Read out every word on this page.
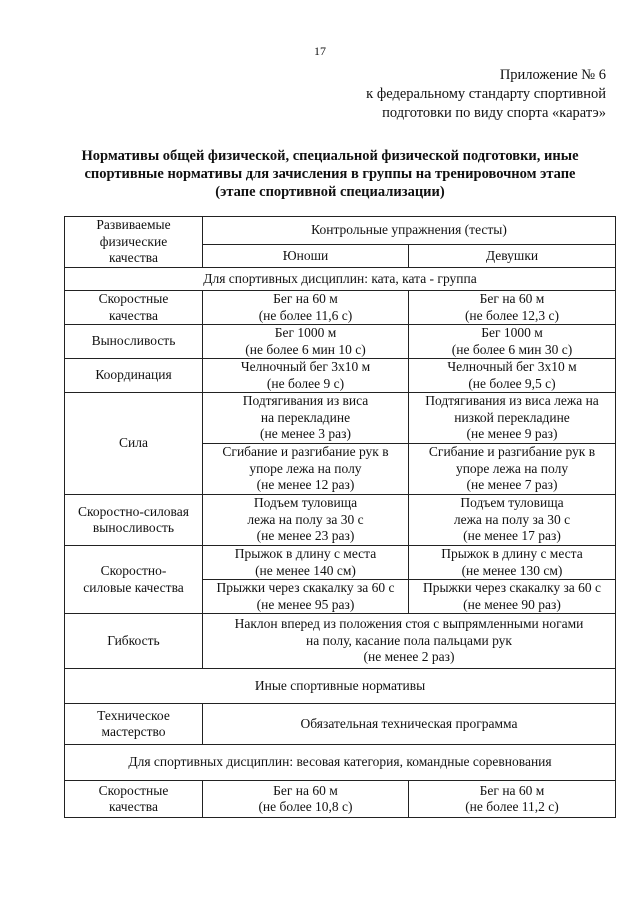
17
Приложение № 6
к федеральному стандарту спортивной
подготовки по виду спорта «каратэ»
Нормативы общей физической, специальной физической подготовки, иные
спортивные нормативы для зачисления в группы на тренировочном этапе
(этапе спортивной специализации)
Развиваемые
физические
качества	Контрольные упражнения (тесты)	
	Юноши	Девушки
Для спортивных дисциплин: ката, ката - группа		

Скоростные
качества	Бег на 60 м
(не более 11,6 с)	Бег на 60 м
(не более 12,3 с)

Выносливость	Бег 1000 м
(не более 6 мин 10 с)	Бег 1000 м
(не более 6 мин 30 с)

Координация	Челночный бег 3х10 м
(не более 9 с)	Челночный бег 3х10 м
(не более 9,5 с)

Сила	Подтягивания из виса
на перекладине
(не менее 3 раз)	Подтягивания из виса лежа на
низкой перекладине
(не менее 9 раз)

	Сгибание и разгибание рук в
упоре лежа на полу
(не менее 12 раз)	Сгибание и разгибание рук в
упоре лежа на полу
(не менее 7 раз)

Скоростно-силовая
выносливость	Подъем туловища
лежа на полу за 30 с
(не менее 23 раз)	Подъем туловища
лежа на полу за 30 с
(не менее 17 раз)

Скоростно-
силовые качества	Прыжок в длину с места
(не менее 140 см)	Прыжок в длину с места
(не менее 130 см)

	Прыжки через скакалку за 60 с
(не менее 95 раз)	Прыжки через скакалку за 60 с
(не менее 90 раз)

Гибкость	Наклон вперед из положения стоя с выпрямленными ногами
на полу, касание пола пальцами рук
(не менее 2 раз)	

Иные спортивные нормативы		

Техническое
мастерство	Обязательная техническая программа	
Для спортивных дисциплин: весовая категория, командные соревнования		

Скоростные
качества	Бег на 60 м
(не более 10,8 с)	Бег на 60 м
(не более 11,2 с)
